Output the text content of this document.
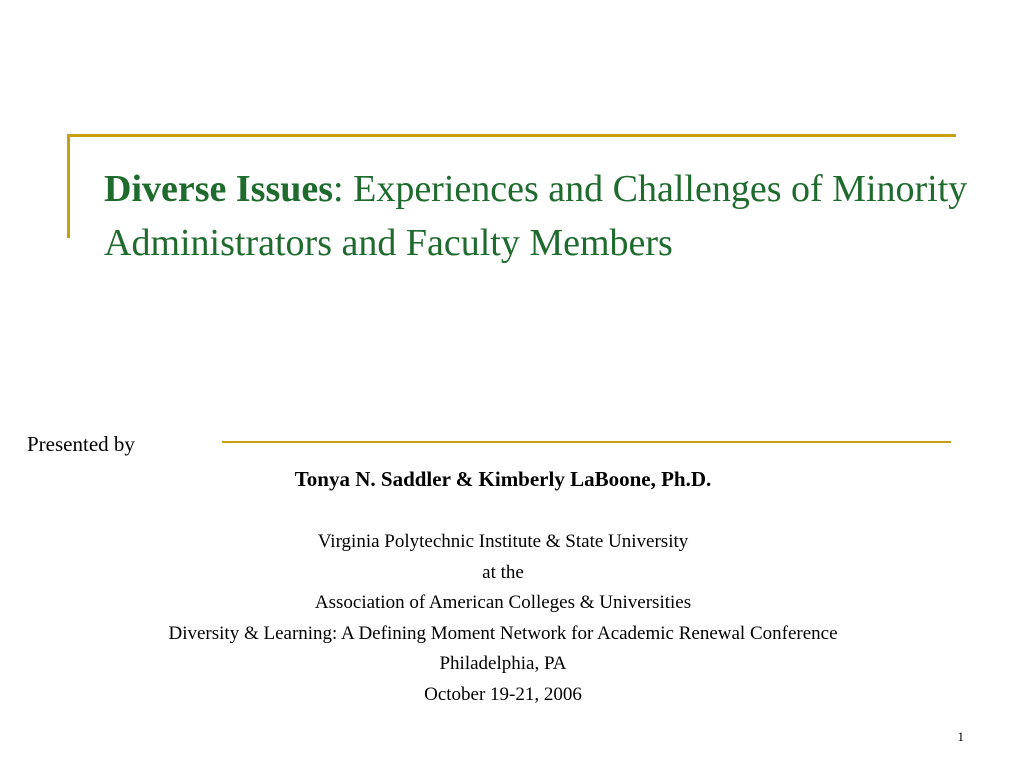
Diverse Issues: Experiences and Challenges of Minority Administrators and Faculty Members
Presented by
Tonya N. Saddler & Kimberly LaBoone, Ph.D.
Virginia Polytechnic Institute & State University
at the
Association of American Colleges & Universities
Diversity & Learning: A Defining Moment Network for Academic Renewal Conference
Philadelphia, PA
October 19-21, 2006
1
